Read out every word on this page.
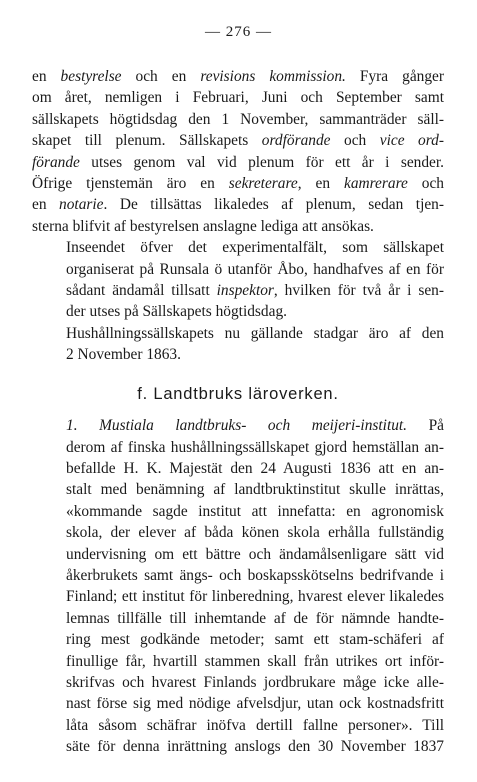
— 276 —

en bestyrelse och en revisions kommission. Fyra gånger
om året, nemligen i Februari, Juni och September samt
sällskapets högtidsdag den 1 November, sammanträder säll-
skapet till plenum. Sällskapets ordförande och vice ord-
förande utses genom val vid plenum för ett år i sender.
Öfrige tjenstemän äro en sekreterare, en kamrerare och
en notarie. De tillsättas likaledes af plenum, sedan tjen-
sterna blifvit af bestyrelsen anslagne lediga att ansökas.

Inseendet öfver det experimentalfält, som sällskapet
organiserat på Runsala ö utanför Åbo, handhafves af en för
sådant ändamål tillsatt inspektor, hvilken för två år i sen-
der utses på Sällskapets högtidsdag.

Hushållningssällskapets nu gällande stadgar äro af den
2 November 1863.

f. Landtbruks läroverken.

1. Mustiala landtbruks- och meijeri-institut. På
derom af finska hushållningssällskapet gjord hemställan an-
befallde H. K. Majestät den 24 Augusti 1836 att en an-
stalt med benämning af landtbruktinstitut skulle inrättas,
«kommande sagde institut att innefatta: en agronomisk
skola, der elever af båda könen skola erhålla fullständig
undervisning om ett bättre och ändamålsenligare sätt vid
åkerbrukets samt ängs- och boskapsskötselns bedrifvande i
Finland; ett institut för linberedning, hvarest elever likaledes
lemnas tillfälle till inhemtande af de för nämnde handte-
ring mest godkände metoder; samt ett stam-schäferi af
finullige får, hvartill stammen skall från utrikes ort inför-
skrifvas och hvarest Finlands jordbrukare måge icke alle-
nast förse sig med nödige afvelsdjur, utan ock kostnadsfritt
låta såsom schäfrar inöfva dertill fallne personer». Till
säte för denna inrättning anslogs den 30 November 1837
